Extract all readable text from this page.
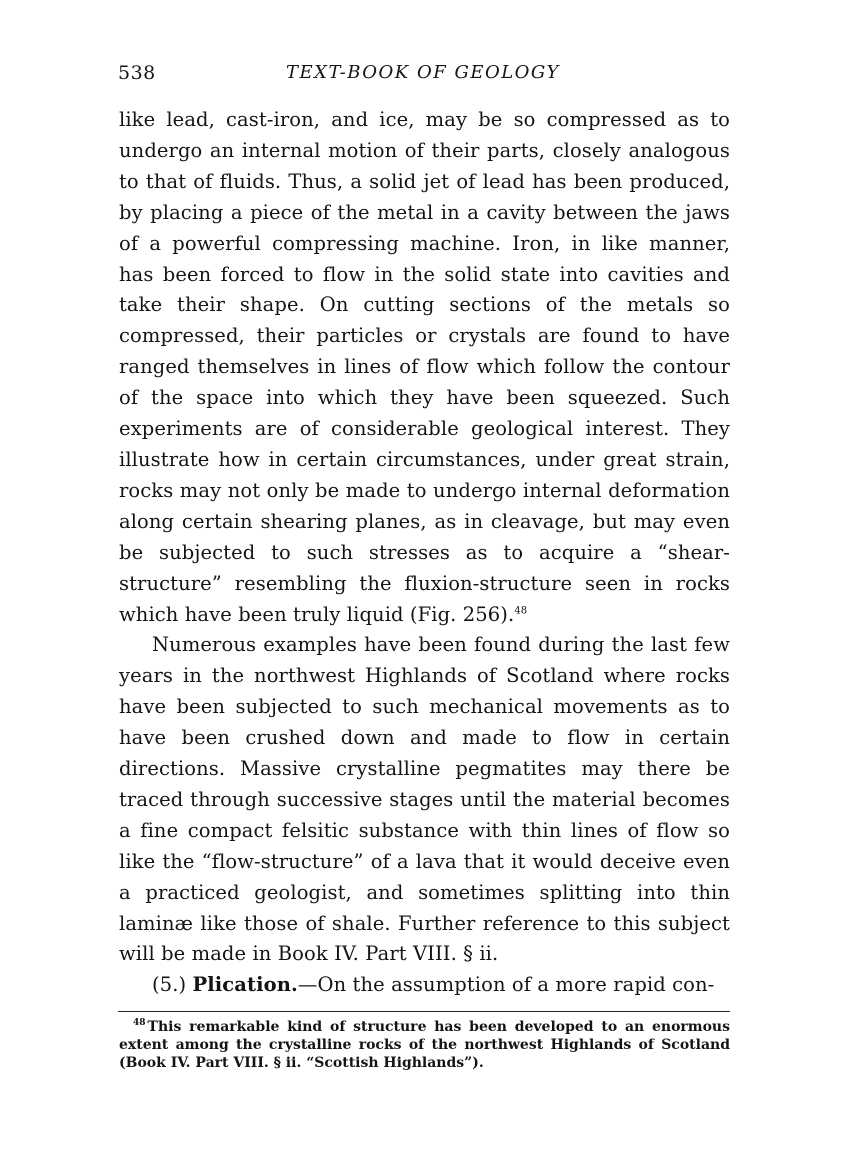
538	TEXT-BOOK OF GEOLOGY

like lead, cast-iron, and ice, may be so compressed as to undergo an internal motion of their parts, closely analogous to that of fluids. Thus, a solid jet of lead has been produced, by placing a piece of the metal in a cavity between the jaws of a powerful compressing machine. Iron, in like manner, has been forced to flow in the solid state into cavities and take their shape. On cutting sections of the metals so compressed, their particles or crystals are found to have ranged themselves in lines of flow which follow the contour of the space into which they have been squeezed. Such experiments are of considerable geological interest. They illustrate how in certain circumstances, under great strain, rocks may not only be made to undergo internal deformation along certain shearing planes, as in cleavage, but may even be subjected to such stresses as to acquire a “shear-structure” resembling the fluxion-structure seen in rocks which have been truly liquid (Fig. 256).$^{48}$

Numerous examples have been found during the last few years in the northwest Highlands of Scotland where rocks have been subjected to such mechanical movements as to have been crushed down and made to flow in certain directions. Massive crystalline pegmatites may there be traced through successive stages until the material becomes a fine compact felsitic substance with thin lines of flow so like the “flow-structure” of a lava that it would deceive even a practiced geologist, and sometimes splitting into thin laminæ like those of shale. Further reference to this subject will be made in Book IV. Part VIII. § ii.

(5.) Plication.—On the assumption of a more rapid con-

$^{48}$ This remarkable kind of structure has been developed to an enormous extent among the crystalline rocks of the northwest Highlands of Scotland (Book IV. Part VIII. § ii. “Scottish Highlands”).
